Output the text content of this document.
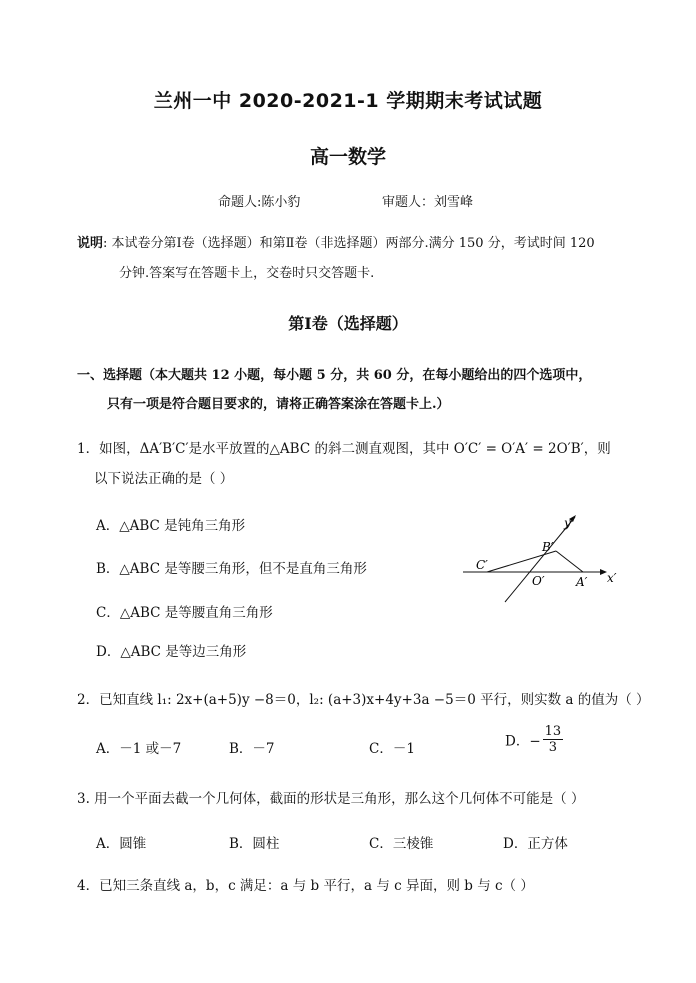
兰州一中 2020-2021-1 学期期末考试试题
高一数学
命题人:陈小豹	审题人：刘雪峰
说明: 本试卷分第Ⅰ卷（选择题）和第Ⅱ卷（非选择题）两部分.满分 150 分，考试时间 120
分钟.答案写在答题卡上，交卷时只交答题卡.
第Ⅰ卷（选择题）
一、选择题（本大题共 12 小题，每小题 5 分，共 60 分，在每小题给出的四个选项中，
只有一项是符合题目要求的，请将正确答案涂在答题卡上.）
1．如图，ΔA′B′C′是水平放置的△ABC 的斜二测直观图，其中 O′C′ = O′A′ = 2O′B′，则
以下说法正确的是（ ）
A．△ABC 是钝角三角形
B．△ABC 是等腰三角形，但不是直角三角形
C．△ABC 是等腰直角三角形
D．△ABC 是等边三角形
y′
x′
B′
C′
O′	A′
2．已知直线 l₁: 2x+(a+5)y −8＝0，l₂: (a+3)x+4y+3a −5＝0 平行，则实数 a 的值为（ ）
A．－1 或－7	B．－7	C．－1	D．− $\frac{13}{3}$
3. 用一个平面去截一个几何体，截面的形状是三角形，那么这个几何体不可能是（ ）
A．圆锥	B．圆柱	C．三棱锥	D．正方体
4．已知三条直线 a，b，c 满足：a 与 b 平行，a 与 c 异面，则 b 与 c（ ）
